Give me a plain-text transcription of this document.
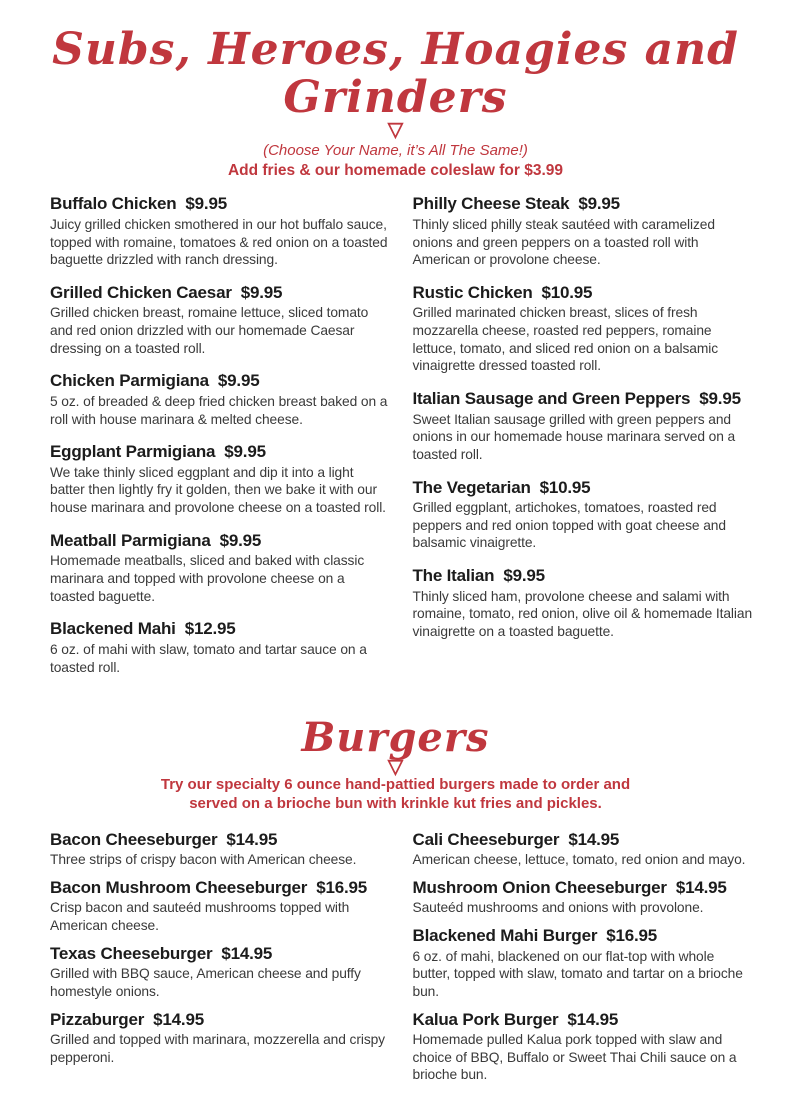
Subs, Heroes, Hoagies and Grinders
▽

(Choose Your Name, it’s All The Same!)

Add fries & our homemade coleslaw for $3.99

Buffalo Chicken $9.95

Juicy grilled chicken smothered in our hot buffalo sauce, topped with romaine, tomatoes & red onion on a toasted baguette drizzled with ranch dressing.

Grilled Chicken Caesar $9.95

Grilled chicken breast, romaine lettuce, sliced tomato and red onion drizzled with our homemade Caesar dressing on a toasted roll.

Chicken Parmigiana $9.95

5 oz. of breaded & deep fried chicken breast baked on a roll with house marinara & melted cheese.

Eggplant Parmigiana $9.95

We take thinly sliced eggplant and dip it into a light batter then lightly fry it golden, then we bake it with our house marinara and provolone cheese on a toasted roll.

Meatball Parmigiana $9.95

Homemade meatballs, sliced and baked with classic marinara and topped with provolone cheese on a toasted baguette.

Blackened Mahi $12.95

6 oz. of mahi with slaw, tomato and tartar sauce on a toasted roll.

Philly Cheese Steak $9.95

Thinly sliced philly steak sautéed with caramelized onions and green peppers on a toasted roll with American or provolone cheese.

Rustic Chicken $10.95

Grilled marinated chicken breast, slices of fresh mozzarella cheese, roasted red peppers, romaine lettuce, tomato, and sliced red onion on a balsamic vinaigrette dressed toasted roll.

Italian Sausage and Green Peppers $9.95

Sweet Italian sausage grilled with green peppers and onions in our homemade house marinara served on a toasted roll.

The Vegetarian $10.95

Grilled eggplant, artichokes, tomatoes, roasted red peppers and red onion topped with goat cheese and balsamic vinaigrette.

The Italian $9.95

Thinly sliced ham, provolone cheese and salami with romaine, tomato, red onion, olive oil & homemade Italian vinaigrette on a toasted baguette.

Burgers
▽

Try our specialty 6 ounce hand-pattied burgers made to order and

served on a brioche bun with krinkle kut fries and pickles.

Bacon Cheeseburger $14.95

Three strips of crispy bacon with American cheese.

Bacon Mushroom Cheeseburger $16.95

Crisp bacon and sauteéd mushrooms topped with American cheese.

Texas Cheeseburger $14.95

Grilled with BBQ sauce, American cheese and puffy homestyle onions.

Pizzaburger $14.95

Grilled and topped with marinara, mozzerella and crispy pepperoni.

Cali Cheeseburger $14.95

American cheese, lettuce, tomato, red onion and mayo.

Mushroom Onion Cheeseburger $14.95

Sauteéd mushrooms and onions with provolone.

Blackened Mahi Burger $16.95

6 oz. of mahi, blackened on our flat-top with whole butter, topped with slaw, tomato and tartar on a brioche bun.

Kalua Pork Burger $14.95

Homemade pulled Kalua pork topped with slaw and choice of BBQ, Buffalo or Sweet Thai Chili sauce on a brioche bun.
